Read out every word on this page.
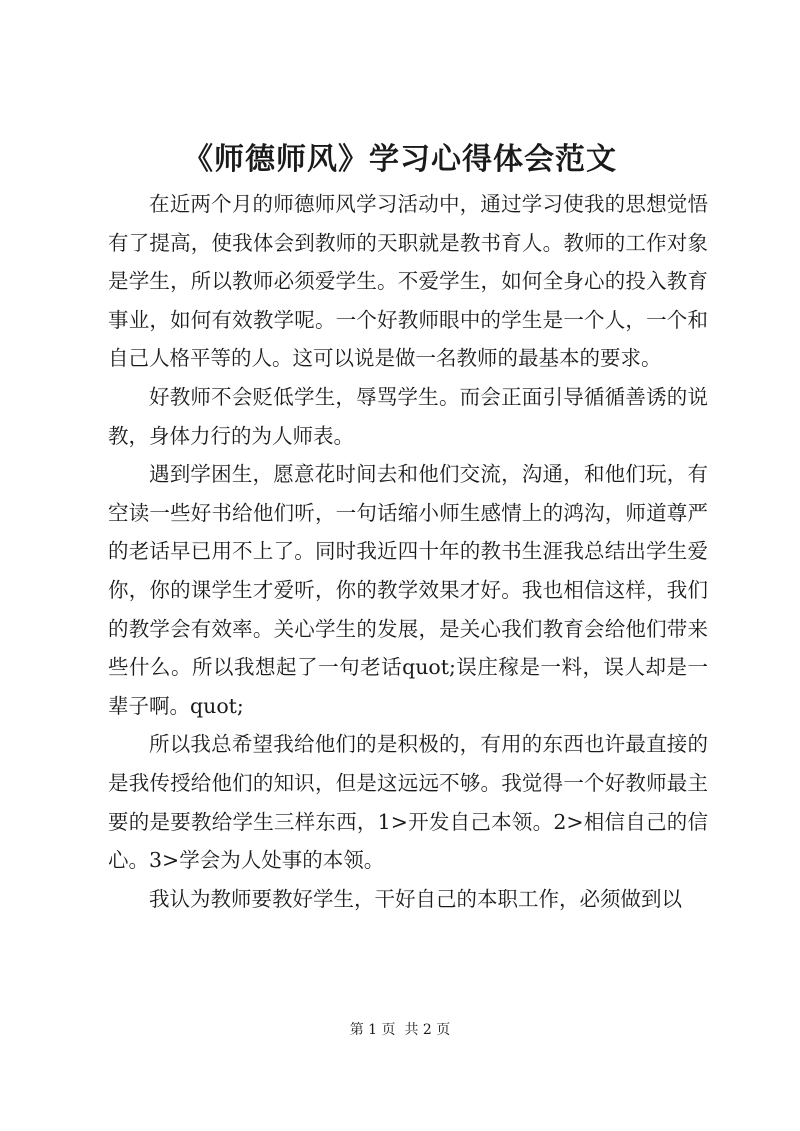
《师德师风》学习心得体会范文

在近两个月的师德师风学习活动中，通过学习使我的思想觉悟有了提高，使我体会到教师的天职就是教书育人。教师的工作对象是学生，所以教师必须爱学生。不爱学生，如何全身心的投入教育事业，如何有效教学呢。一个好教师眼中的学生是一个人，一个和自己人格平等的人。这可以说是做一名教师的最基本的要求。

好教师不会贬低学生，辱骂学生。而会正面引导循循善诱的说教，身体力行的为人师表。

遇到学困生，愿意花时间去和他们交流，沟通，和他们玩，有空读一些好书给他们听，一句话缩小师生感情上的鸿沟，师道尊严的老话早已用不上了。同时我近四十年的教书生涯我总结出学生爱你，你的课学生才爱听，你的教学效果才好。我也相信这样，我们的教学会有效率。关心学生的发展，是关心我们教育会给他们带来些什么。所以我想起了一句老话quot;误庄稼是一料，误人却是一辈子啊。quot;

所以我总希望我给他们的是积极的，有用的东西也许最直接的是我传授给他们的知识，但是这远远不够。我觉得一个好教师最主要的是要教给学生三样东西，1>开发自己本领。2>相信自己的信心。3>学会为人处事的本领。

我认为教师要教好学生，干好自己的本职工作，必须做到以

第 1 页  共 2 页
